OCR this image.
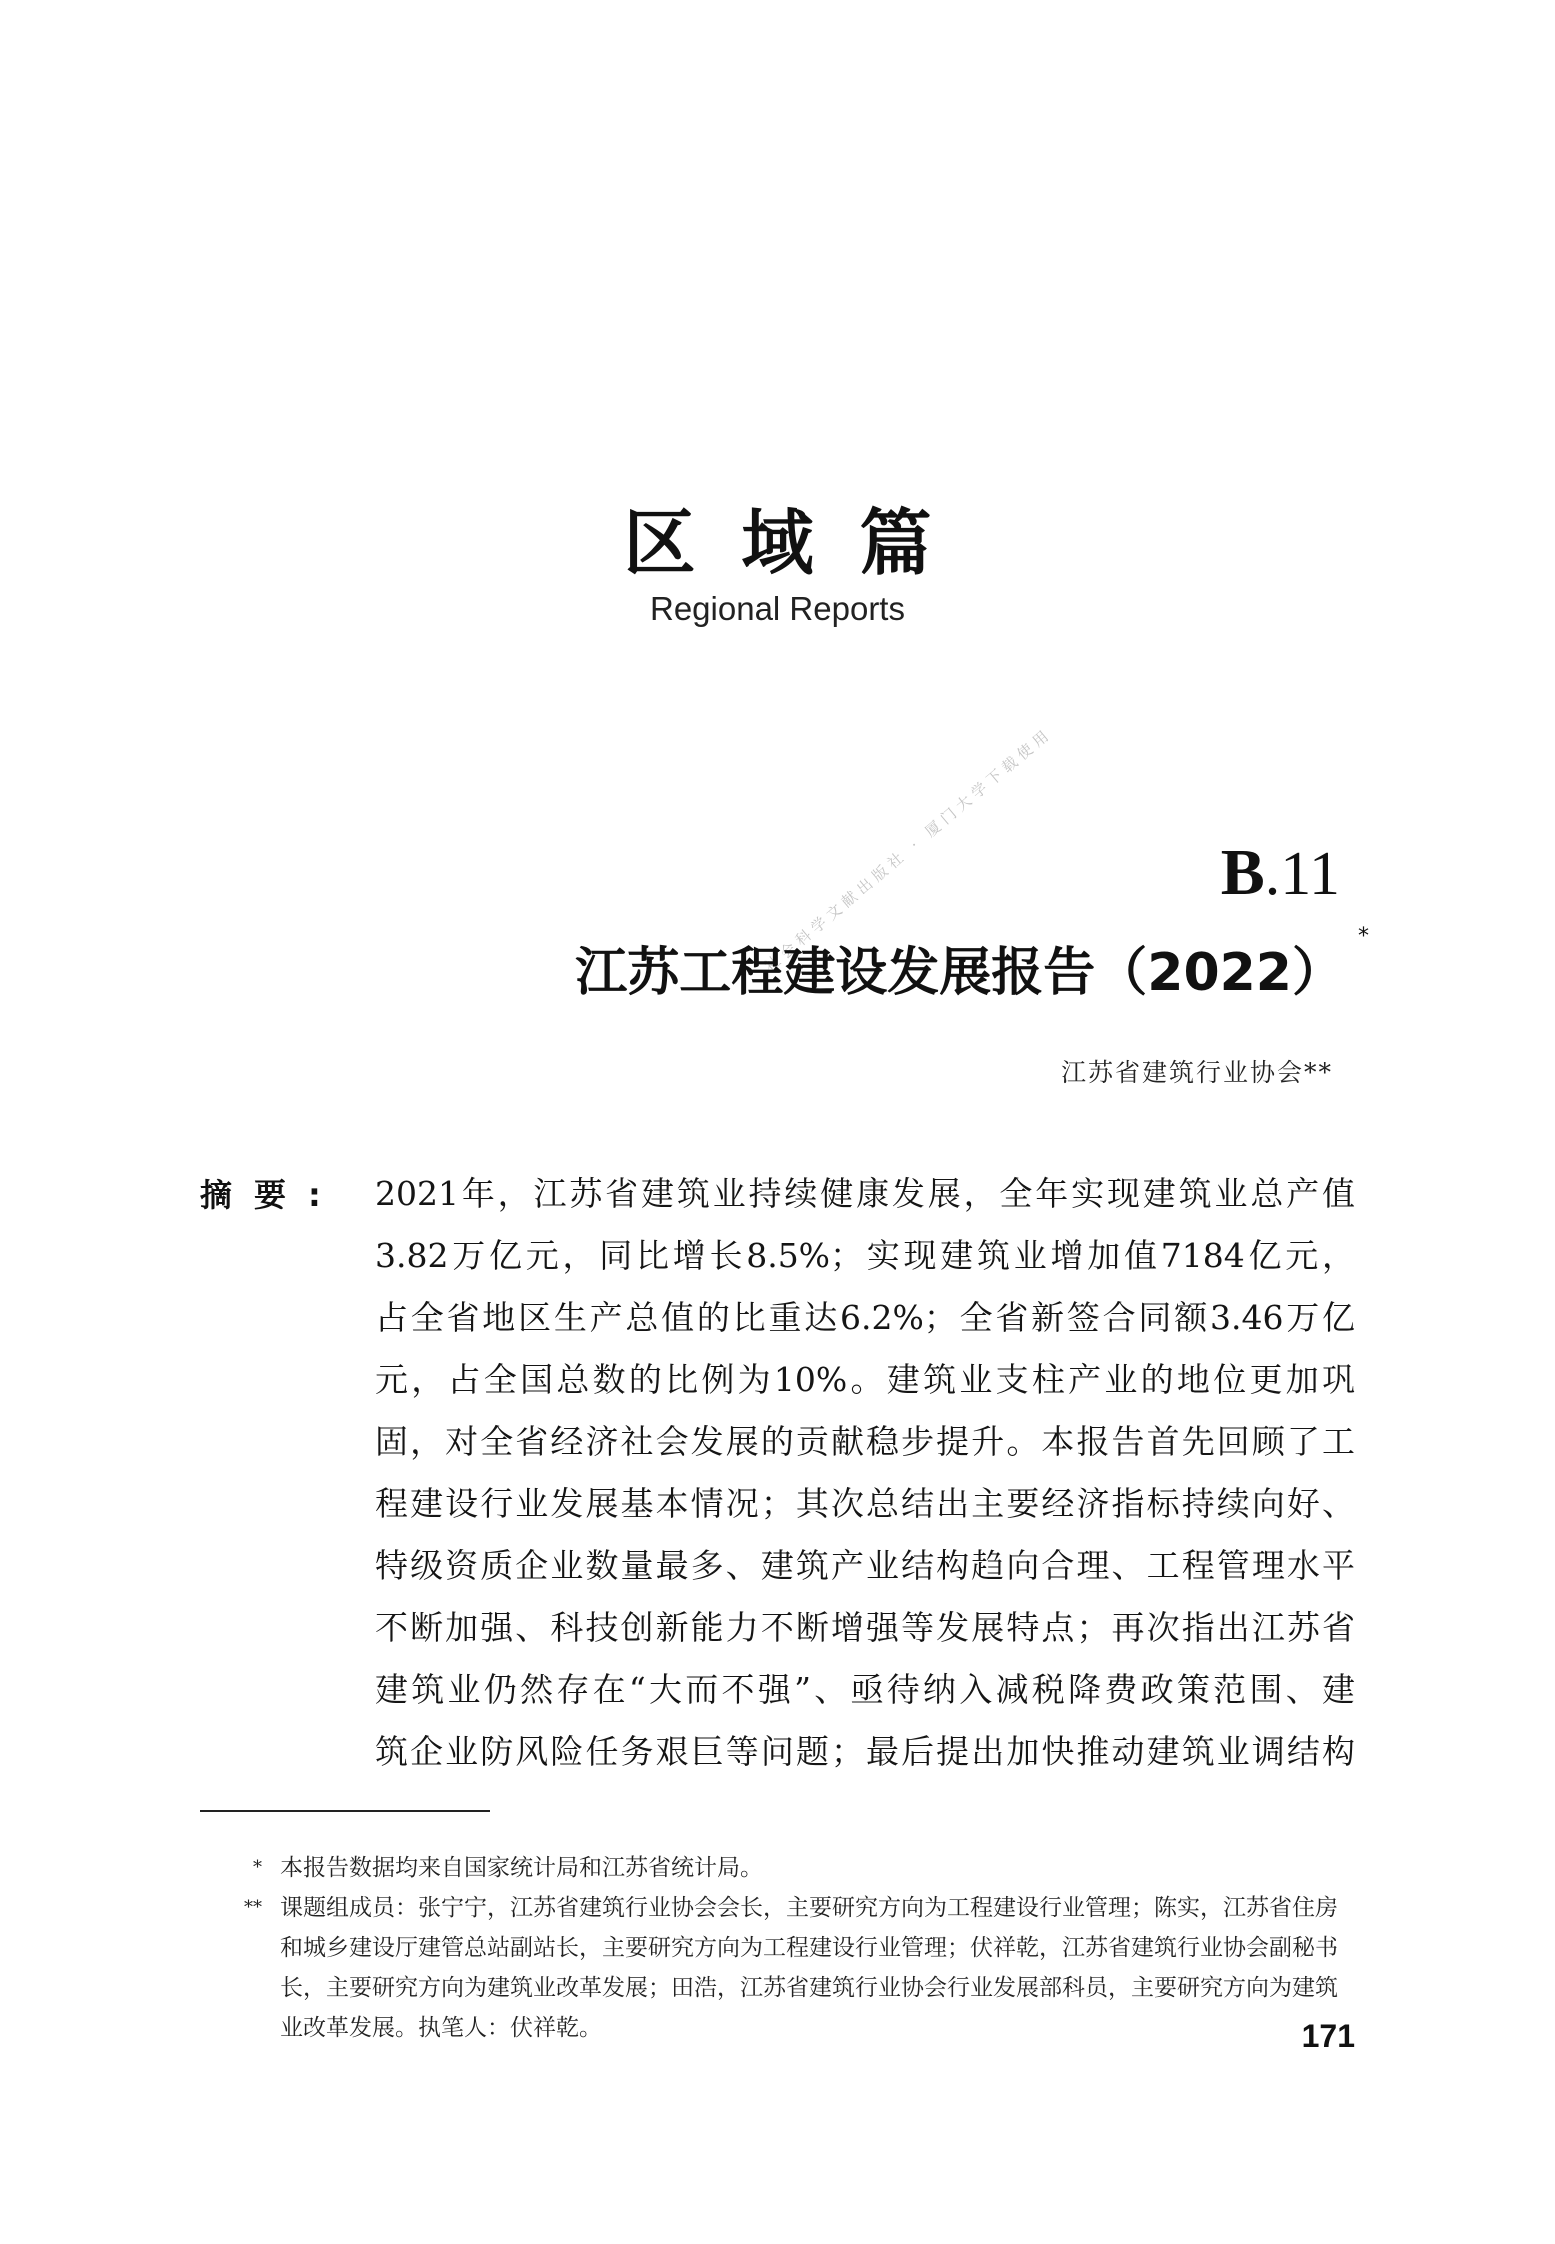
区域篇
Regional Reports
社会科学文献出版社 · 厦门大学下载使用	B.11
江苏工程建设发展报告（2022）*
江苏省建筑行业协会**
摘要: 2021年，江苏省建筑业持续健康发展，全年实现建筑业总产值
3.82万亿元，同比增长8.5%；实现建筑业增加值7184亿元，
占全省地区生产总值的比重达6.2%；全省新签合同额3.46万亿
元，占全国总数的比例为10%。建筑业支柱产业的地位更加巩
固，对全省经济社会发展的贡献稳步提升。本报告首先回顾了工
程建设行业发展基本情况；其次总结出主要经济指标持续向好、
特级资质企业数量最多、建筑产业结构趋向合理、工程管理水平
不断加强、科技创新能力不断增强等发展特点；再次指出江苏省
建筑业仍然存在“大而不强”、亟待纳入减税降费政策范围、建
筑企业防风险任务艰巨等问题；最后提出加快推动建筑业调结构
* 本报告数据均来自国家统计局和江苏省统计局。
** 课题组成员：张宁宁，江苏省建筑行业协会会长，主要研究方向为工程建设行业管理；陈实，江苏省住房和城乡建设厅建管总站副站长，主要研究方向为工程建设行业管理；伏祥乾，江苏省建筑行业协会副秘书长，主要研究方向为建筑业改革发展；田浩，江苏省建筑行业协会行业发展部科员，主要研究方向为建筑业改革发展。执笔人：伏祥乾。	171
